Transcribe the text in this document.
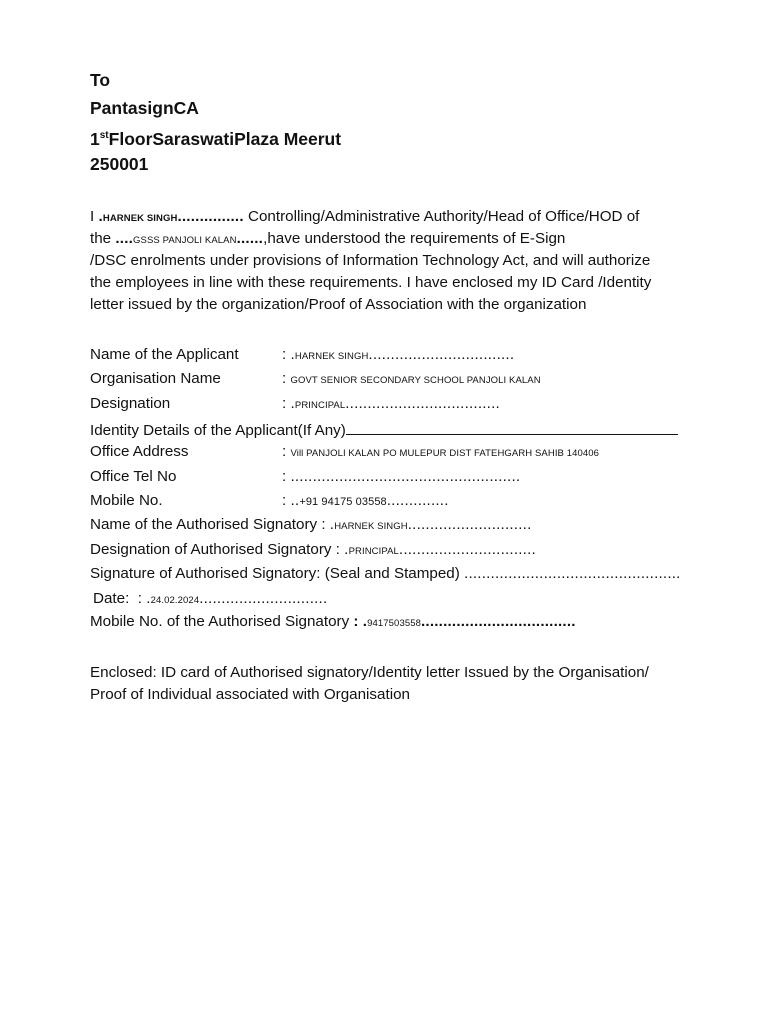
To
PantasignCA
1stFloorSaraswatiPlaza Meerut
250001
I .HARNEK SINGH............... Controlling/Administrative Authority/Head of Office/HOD of
the ....GSSS PANJOLI KALAN......,have understood the requirements of E-Sign
/DSC enrolments under provisions of Information Technology Act, and will authorize
the employees in line with these requirements. I have enclosed my ID Card /Identity
letter issued by the organization/Proof of Association with the organization
Name of the Applicant	: .HARNEK SINGH.................................
Organisation Name	: GOVT SENIOR SECONDARY SCHOOL PANJOLI KALAN
Designation	: .PRINCIPAL...................................
Identity Details of the Applicant(If Any)
Office Address	: Vill PANJOLI KALAN PO MULEPUR DIST FATEHGARH SAHIB 140406
Office Tel No	: ....................................................
Mobile No.	: ..+91 94175 03558..............
Name of the Authorised Signatory : .HARNEK SINGH............................
Designation of Authorised Signatory : .PRINCIPAL...............................
Signature of Authorised Signatory: (Seal and Stamped) .................................................
Date: : .24.02.2024.............................
Mobile No. of the Authorised Signatory : .9417503558...................................
Enclosed: ID card of Authorised signatory/Identity letter Issued by the Organisation/
Proof of Individual associated with Organisation
